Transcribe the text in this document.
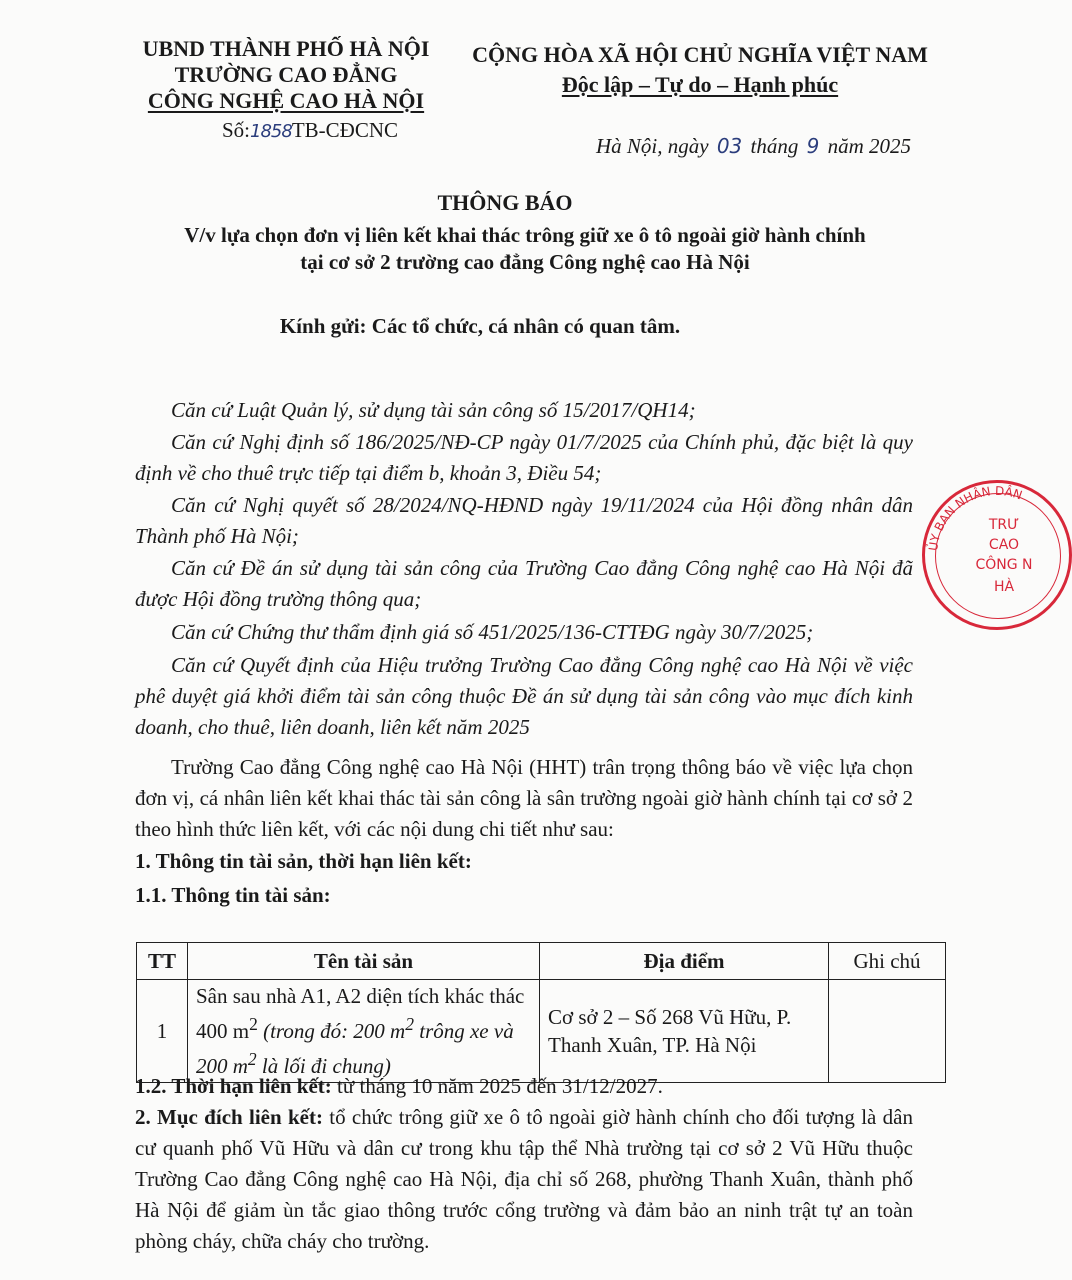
UBND THÀNH PHỐ HÀ NỘI
TRƯỜNG CAO ĐẲNG
CÔNG NGHỆ CAO HÀ NỘI
Số:1858TB-CĐCNC
CỘNG HÒA XÃ HỘI CHỦ NGHĨA VIỆT NAM
Độc lập – Tự do – Hạnh phúc
Hà Nội, ngày 03 tháng 9 năm 2025
THÔNG BÁO
V/v lựa chọn đơn vị liên kết khai thác trông giữ xe ô tô ngoài giờ hành chính
tại cơ sở 2 trường cao đẳng Công nghệ cao Hà Nội
Kính gửi: Các tổ chức, cá nhân có quan tâm.
Căn cứ Luật Quản lý, sử dụng tài sản công số 15/2017/QH14;
Căn cứ Nghị định số 186/2025/NĐ-CP ngày 01/7/2025 của Chính phủ, đặc biệt là quy định về cho thuê trực tiếp tại điểm b, khoản 3, Điều 54;
Căn cứ Nghị quyết số 28/2024/NQ-HĐND ngày 19/11/2024 của Hội đồng nhân dân Thành phố Hà Nội;
Căn cứ Đề án sử dụng tài sản công của Trường Cao đẳng Công nghệ cao Hà Nội đã được Hội đồng trường thông qua;
Căn cứ Chứng thư thẩm định giá số 451/2025/136-CTTĐG ngày 30/7/2025;
Căn cứ Quyết định của Hiệu trưởng Trường Cao đẳng Công nghệ cao Hà Nội về việc phê duyệt giá khởi điểm tài sản công thuộc Đề án sử dụng tài sản công vào mục đích kinh doanh, cho thuê, liên doanh, liên kết năm 2025
Trường Cao đẳng Công nghệ cao Hà Nội (HHT) trân trọng thông báo về việc lựa chọn đơn vị, cá nhân liên kết khai thác tài sản công là sân trường ngoài giờ hành chính tại cơ sở 2 theo hình thức liên kết, với các nội dung chi tiết như sau:
1. Thông tin tài sản, thời hạn liên kết:
1.1. Thông tin tài sản:
TT	Tên tài sản	Địa điểm	Ghi chú
1	Sân sau nhà A1, A2 diện tích khác thác 400 $m^2$ (trong đó: 200 $m^2$ trông xe và 200 $m^2$ là lối đi chung)	Cơ sở 2 – Số 268 Vũ Hữu, P. Thanh Xuân, TP. Hà Nội	
1.2. Thời hạn liên kết: từ tháng 10 năm 2025 đến 31/12/2027.
2. Mục đích liên kết: tổ chức trông giữ xe ô tô ngoài giờ hành chính cho đối tượng là dân cư quanh phố Vũ Hữu và dân cư trong khu tập thể Nhà trường tại cơ sở 2 Vũ Hữu thuộc Trường Cao đẳng Công nghệ cao Hà Nội, địa chỉ số 268, phường Thanh Xuân, thành phố Hà Nội để giảm ùn tắc giao thông trước cổng trường và đảm bảo an ninh trật tự an toàn phòng cháy, chữa cháy cho trường.
ỦY BAN NHÂN DÂN
TRƯ
CAO
CÔNG N
HÀ
